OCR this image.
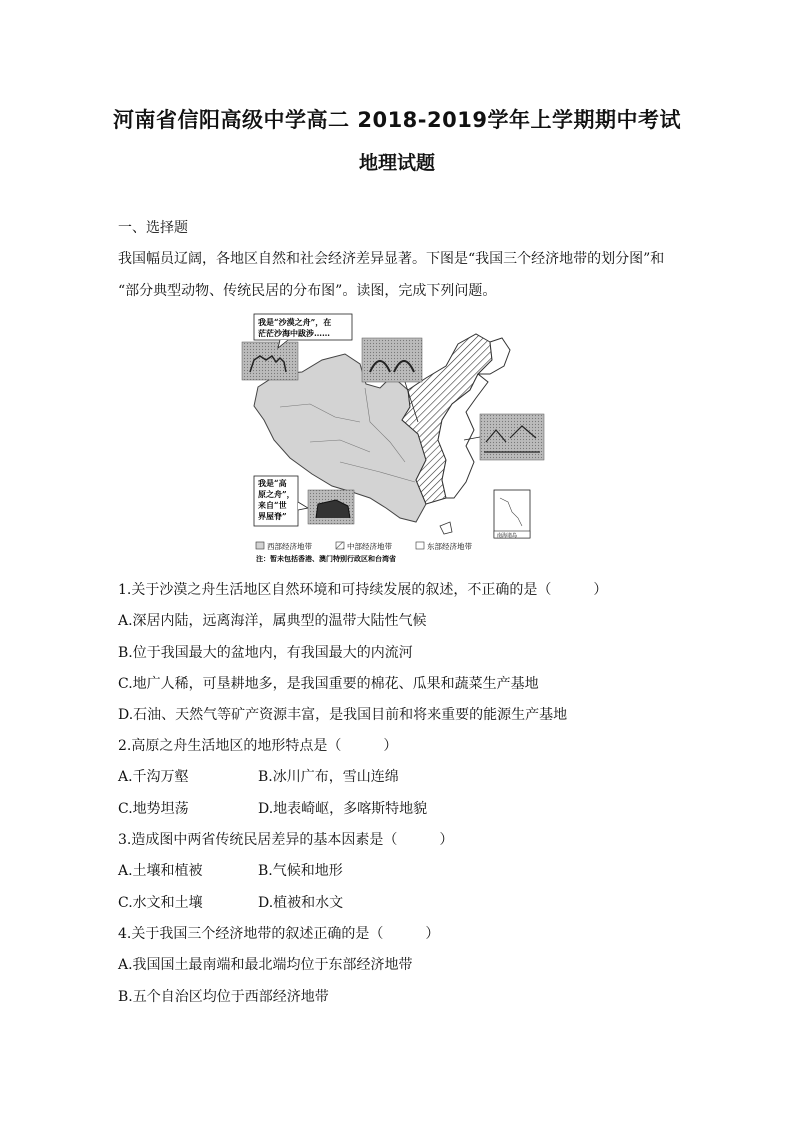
河南省信阳高级中学高二 2018-2019学年上学期期中考试
地理试题
一、选择题
我国幅员辽阔，各地区自然和社会经济差异显著。下图是“我国三个经济地带的划分图”和
“部分典型动物、传统民居的分布图”。读图，完成下列问题。
我是“沙漠之舟”，在
茫茫沙海中跋涉……
我是“高
原之舟”，
来自“世
界屋脊”
南海诸岛
西部经济地带	中部经济地带	东部经济地带
注：暂未包括香港、澳门特别行政区和台湾省
1.关于沙漠之舟生活地区自然环境和可持续发展的叙述，不正确的是（　　　）
A.深居内陆，远离海洋，属典型的温带大陆性气候
B.位于我国最大的盆地内，有我国最大的内流河
C.地广人稀，可垦耕地多，是我国重要的棉花、瓜果和蔬菜生产基地
D.石油、天然气等矿产资源丰富，是我国目前和将来重要的能源生产基地
2.高原之舟生活地区的地形特点是（　　　）
A.千沟万壑	B.冰川广布，雪山连绵
C.地势坦荡	D.地表崎岖，多喀斯特地貌
3.造成图中两省传统民居差异的基本因素是（　　　）
A.土壤和植被	B.气候和地形
C.水文和土壤	D.植被和水文
4.关于我国三个经济地带的叙述正确的是（　　　）
A.我国国土最南端和最北端均位于东部经济地带
B.五个自治区均位于西部经济地带
